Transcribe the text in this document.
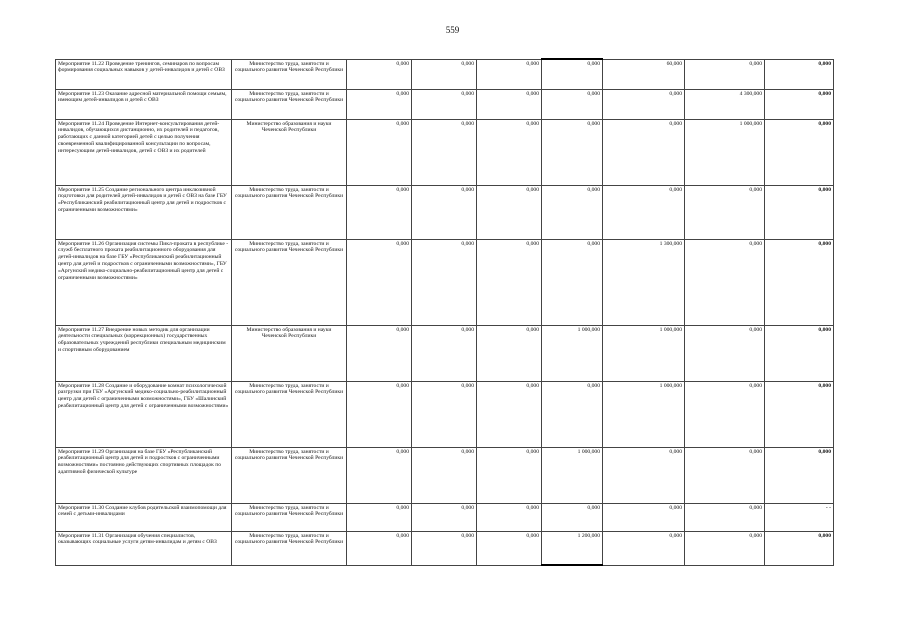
559
Мероприятие 11.22 Проведение тренингов, семинаров по вопросам формирования социальных навыков у детей-инвалидов и детей с ОВЗ	Министерство труда, занятости и социального развития Чеченской Республики	0,000	0,000	0,000	0,000	60,000	0,000	0,000
Мероприятие 11.23 Оказание адресной материальной помощи семьям, имеющим детей-инвалидов и детей с ОВЗ	Министерство труда, занятости и социального развития Чеченской Республики	0,000	0,000	0,000	0,000	0,000	4 300,000	0,000
Мероприятие 11.24 Проведение Интернет-консультирования детей-инвалидов, обучающихся дистанционно, их родителей и педагогов, работающих с данной категорией детей с целью получения своевременной квалифицированной консультации по вопросам, интересующим детей-инвалидов, детей с ОВЗ и их родителей	Министерство образования и науки Чеченской Республики	0,000	0,000	0,000	0,000	0,000	1 000,000	0,000
Мероприятие 11.25 Создание регионального центра инклюзивной подготовки для родителей детей-инвалидов и детей с ОВЗ на базе ГБУ «Республиканский реабилитационный центр для детей и подростков с ограниченными возможностями»	Министерство труда, занятости и социального развития Чеченской Республики	0,000	0,000	0,000	0,000	0,000	0,000	0,000
Мероприятие 11.26 Организация системы Пикл-проката в республике - служб бесплатного проката реабилитационного оборудования для детей-инвалидов на базе ГБУ «Республиканский реабилитационный центр для детей и подростков с ограниченными возможностями», ГБУ «Аргунский медико-социально-реабилитационный центр для детей с ограниченными возможностями»	Министерство труда, занятости и социального развития Чеченской Республики	0,000	0,000	0,000	0,000	1 300,000	0,000	0,000
Мероприятие 11.27 Внедрение новых методик для организации деятельности специальных (коррекционных) государственных образовательных учреждений республики специальным медицинским и спортивным оборудованием	Министерство образования и науки Чеченской Республики	0,000	0,000	0,000	1 000,000	1 000,000	0,000	0,000
Мероприятие 11.28 Создание и оборудование комнат психологической разгрузки при ГБУ «Аргунский медико-социально-реабилитационный центр для детей с ограниченными возможностями», ГБУ «Шалинский реабилитационный центр для детей с ограниченными возможностями»	Министерство труда, занятости и социального развития Чеченской Республики	0,000	0,000	0,000	0,000	1 000,000	0,000	0,000
Мероприятие 11.29 Организация на базе ГБУ «Республиканский реабилитационный центр для детей и подростков с ограниченными возможностями» постоянно действующих спортивных площадок по адаптивной физической культуре	Министерство труда, занятости и социального развития Чеченской Республики	0,000	0,000	0,000	1 000,000	0,000	0,000	0,000
Мероприятие 11.30 Создание клубов родительской взаимопомощи для семей с детьми-инвалидами	Министерство труда, занятости и социального развития Чеченской Республики	0,000	0,000	0,000	0,000	0,000	0,000	- -
Мероприятие 11.31 Организация обучения специалистов, оказывающих социальные услуги детям-инвалидам и детям с ОВЗ	Министерство труда, занятости и социального развития Чеченской Республики	0,000	0,000	0,000	1 200,000	0,000	0,000	0,000
